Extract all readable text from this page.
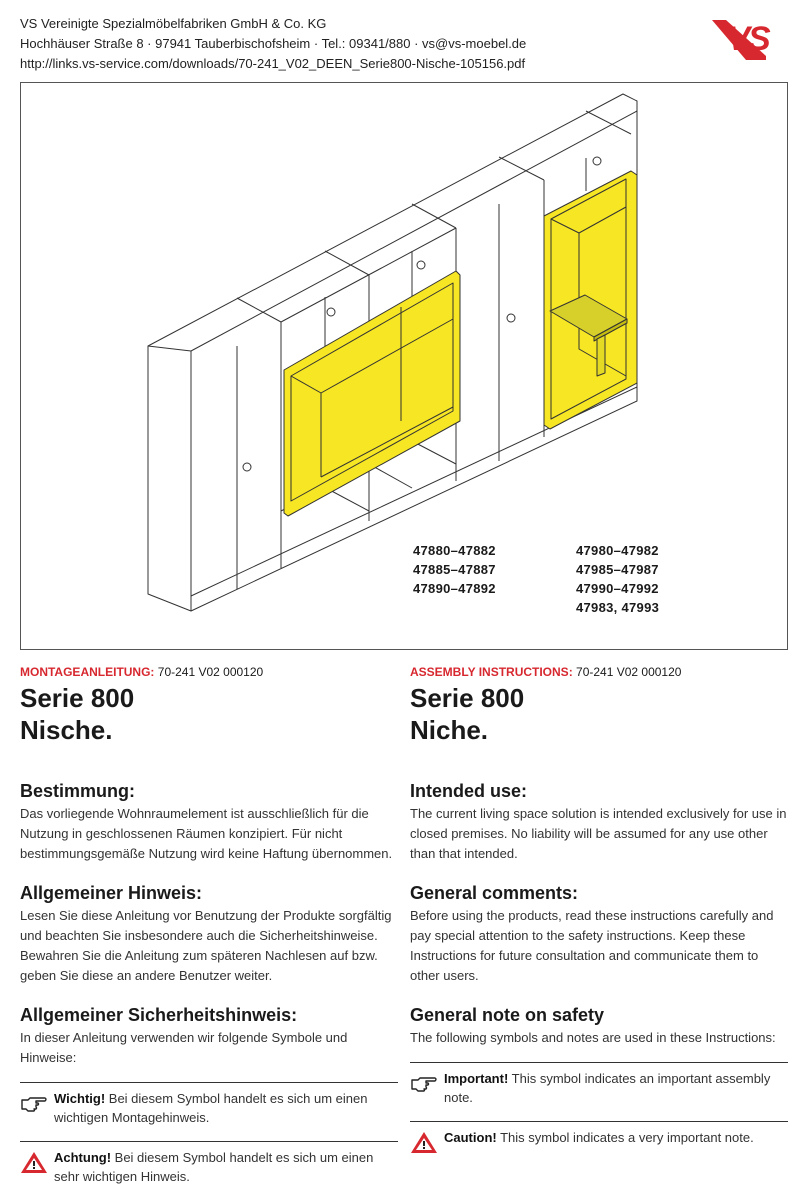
VS Vereinigte Spezialmöbelfabriken GmbH & Co. KG
Hochhäuser Straße 8 · 97941 Tauberbischofsheim · Tel.: 09341/880 · vs@vs-moebel.de
http://links.vs-service.com/downloads/70-241_V02_DEEN_Serie800-Nische-105156.pdf
VS
47880–47882
47885–47887
47890–47892
47980–47982
47985–47987
47990–47992
47983, 47993
MONTAGEANLEITUNG: 70-241 V02 000120
Serie 800
Nische.
Bestimmung:
Das vorliegende Wohnraumelement ist ausschließlich für die Nutzung in geschlossenen Räumen konzipiert. Für nicht bestimmungsgemäße Nutzung wird keine Haftung übernommen.
Allgemeiner Hinweis:
Lesen Sie diese Anleitung vor Benutzung der Produkte sorgfältig und beachten Sie insbesondere auch die Sicherheitshinweise. Bewahren Sie die Anleitung zum späteren Nachlesen auf bzw. geben Sie diese an andere Benutzer weiter.
Allgemeiner Sicherheitshinweis:
In dieser Anleitung verwenden wir folgende Symbole und Hinweise:
Wichtig! Bei diesem Symbol handelt es sich um einen wichtigen Montagehinweis.
Achtung! Bei diesem Symbol handelt es sich um einen sehr wichtigen Hinweis.
ASSEMBLY INSTRUCTIONS: 70-241 V02 000120
Serie 800
Niche.
Intended use:
The current living space solution is intended exclusively for use in closed premises. No liability will be assumed for any use other than that intended.
General comments:
Before using the products, read these instructions carefully and pay special attention to the safety instructions. Keep these Instructions for future consultation and communicate them to other users.
General note on safety
The following symbols and notes are used in these Instructions:
Important! This symbol indicates an important assembly note.
Caution! This symbol indicates a very important note.
